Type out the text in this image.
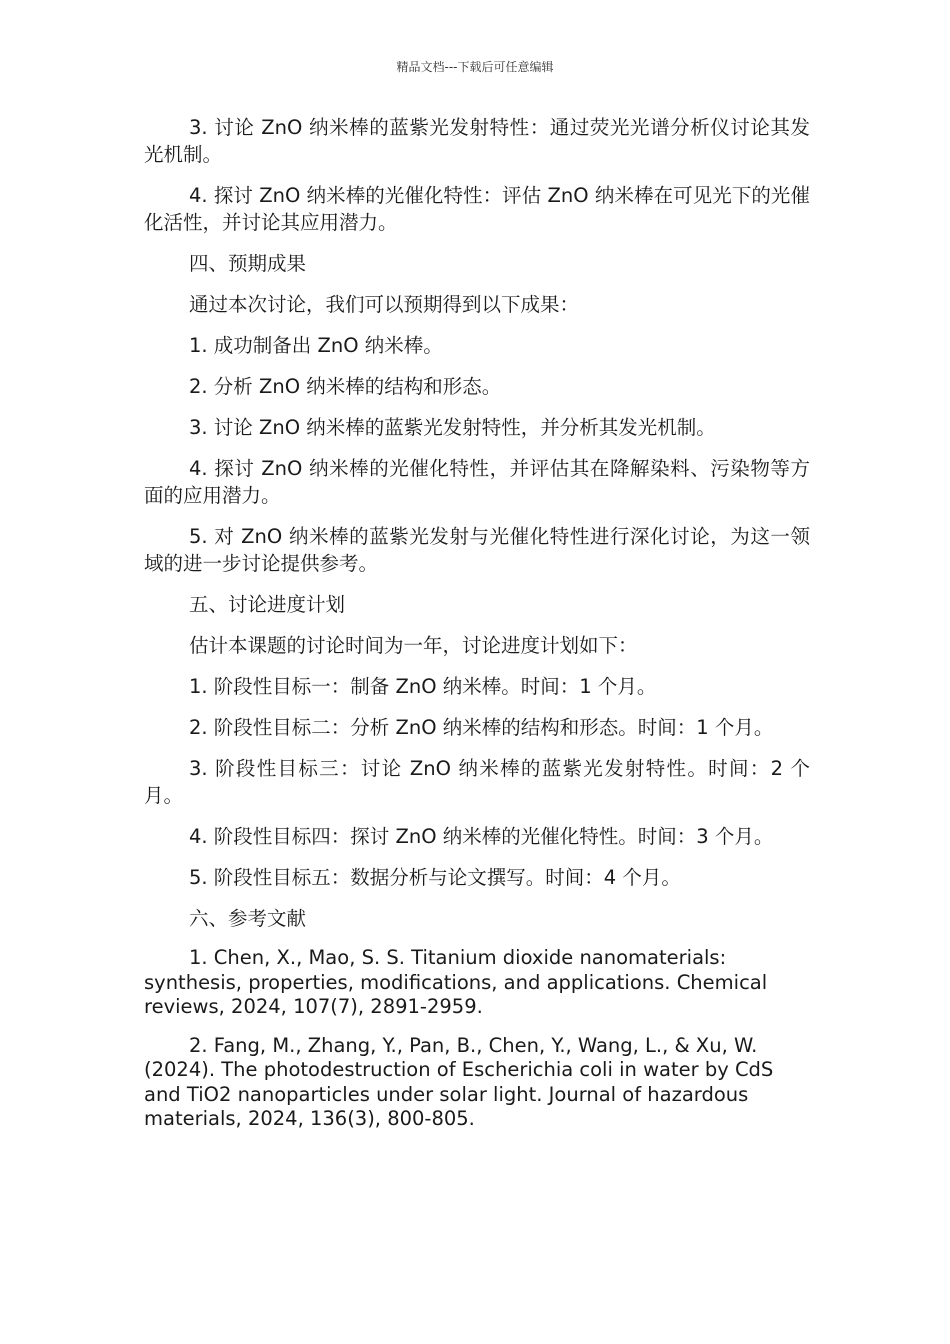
精品文档---下载后可任意编辑

3. 讨论 ZnO 纳米棒的蓝紫光发射特性：通过荧光光谱分析仪讨论其发光机制。

4. 探讨 ZnO 纳米棒的光催化特性：评估 ZnO 纳米棒在可见光下的光催化活性，并讨论其应用潜力。

四、预期成果

通过本次讨论，我们可以预期得到以下成果：

1. 成功制备出 ZnO 纳米棒。

2. 分析 ZnO 纳米棒的结构和形态。

3. 讨论 ZnO 纳米棒的蓝紫光发射特性，并分析其发光机制。

4. 探讨 ZnO 纳米棒的光催化特性，并评估其在降解染料、污染物等方面的应用潜力。

5. 对 ZnO 纳米棒的蓝紫光发射与光催化特性进行深化讨论，为这一领域的进一步讨论提供参考。

五、讨论进度计划

估计本课题的讨论时间为一年，讨论进度计划如下：

1. 阶段性目标一：制备 ZnO 纳米棒。时间：1 个月。

2. 阶段性目标二：分析 ZnO 纳米棒的结构和形态。时间：1 个月。

3. 阶段性目标三：讨论 ZnO 纳米棒的蓝紫光发射特性。时间：2 个月。

4. 阶段性目标四：探讨 ZnO 纳米棒的光催化特性。时间：3 个月。

5. 阶段性目标五：数据分析与论文撰写。时间：4 个月。

六、参考文献

1. Chen, X., Mao, S. S. Titanium dioxide nanomaterials: synthesis, properties, modifications, and applications. Chemical reviews, 2024, 107(7), 2891-2959.

2. Fang, M., Zhang, Y., Pan, B., Chen, Y., Wang, L., & Xu, W. (2024). The photodestruction of Escherichia coli in water by CdS and TiO2 nanoparticles under solar light. Journal of hazardous materials, 2024, 136(3), 800-805.
